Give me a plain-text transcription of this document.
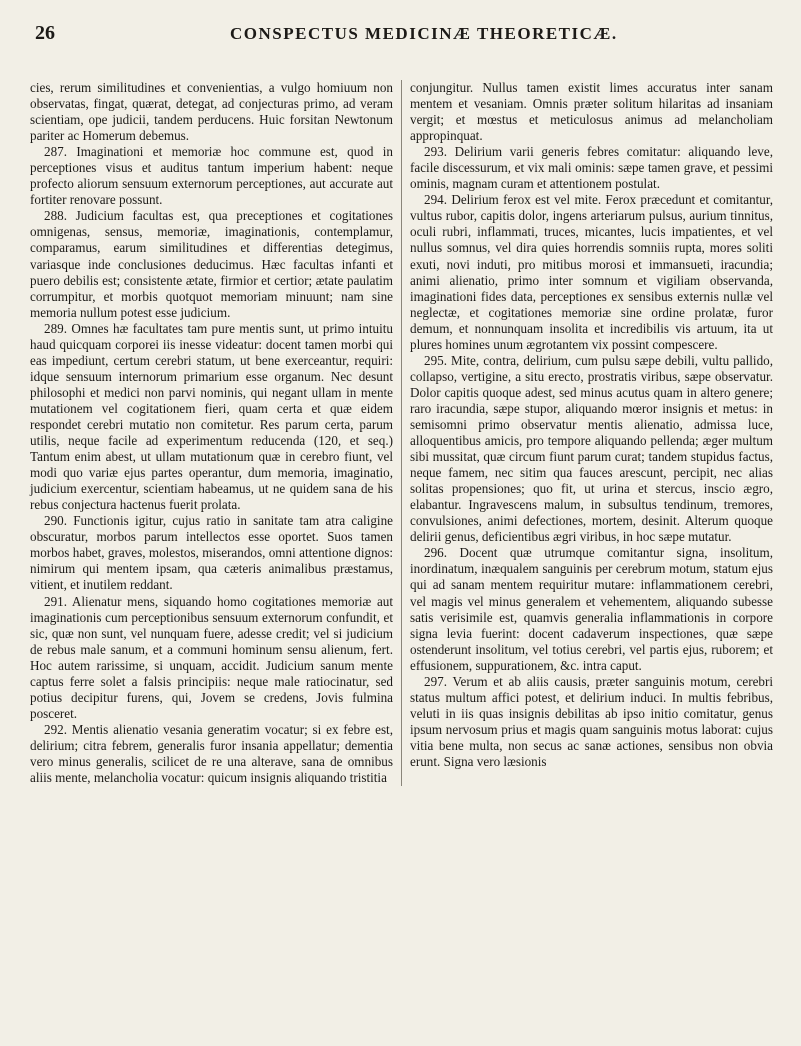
26	CONSPECTUS MEDICINÆ THEORETICÆ.

cies, rerum similitudines et convenientias, a vulgo homiuum non observatas, fingat, quærat, detegat, ad conjecturas primo, ad veram scientiam, ope judicii, tandem perducens. Huic forsitan Newtonum pariter ac Homerum debemus.

287. Imaginationi et memoriæ hoc commune est, quod in perceptiones visus et auditus tantum imperium habent: neque profecto aliorum sensuum externorum perceptiones, aut accurate aut fortiter renovare possunt.

288. Judicium facultas est, qua preceptiones et cogitationes omnigenas, sensus, memoriæ, imaginationis, contemplamur, comparamus, earum similitudines et differentias detegimus, variasque inde conclusiones deducimus. Hæc facultas infanti et puero debilis est; consistente ætate, firmior et certior; ætate paulatim corrumpitur, et morbis quotquot memoriam minuunt; nam sine memoria nullum potest esse judicium.

289. Omnes hæ facultates tam pure mentis sunt, ut primo intuitu haud quicquam corporei iis inesse videatur: docent tamen morbi qui eas impediunt, certum cerebri statum, ut bene exerceantur, requiri: idque sensuum internorum primarium esse organum. Nec desunt philosophi et medici non parvi nominis, qui negant ullam in mente mutationem vel cogitationem fieri, quam certa et quæ eidem respondet cerebri mutatio non comitetur. Res parum certa, parum utilis, neque facile ad experimentum reducenda (120, et seq.) Tantum enim abest, ut ullam mutationum quæ in cerebro fiunt, vel modi quo variæ ejus partes operantur, dum memoria, imaginatio, judicium exercentur, scientiam habeamus, ut ne quidem sana de his rebus conjectura hactenus fuerit prolata.

290. Functionis igitur, cujus ratio in sanitate tam atra caligine obscuratur, morbos parum intellectos esse oportet. Suos tamen morbos habet, graves, molestos, miserandos, omni attentione dignos: nimirum qui mentem ipsam, qua cæteris animalibus præstamus, vitient, et inutilem reddant.

291. Alienatur mens, siquando homo cogitationes memoriæ aut imaginationis cum perceptionibus sensuum externorum confundit, et sic, quæ non sunt, vel nunquam fuere, adesse credit; vel si judicium de rebus male sanum, et a communi hominum sensu alienum, fert. Hoc autem rarissime, si unquam, accidit. Judicium sanum mente captus ferre solet a falsis principiis: neque male ratiocinatur, sed potius decipitur furens, qui, Jovem se credens, Jovis fulmina posceret.

292. Mentis alienatio vesania generatim vocatur; si ex febre est, delirium; citra febrem, generalis furor insania appellatur; dementia vero minus generalis, scilicet de re una alterave, sana de omnibus aliis mente, melancholia vocatur: quicum insignis aliquando tristitia

conjungitur. Nullus tamen existit limes accuratus inter sanam mentem et vesaniam. Omnis præter solitum hilaritas ad insaniam vergit; et mœstus et meticulosus animus ad melancholiam appropinquat.

293. Delirium varii generis febres comitatur: aliquando leve, facile discessurum, et vix mali ominis: sæpe tamen grave, et pessimi ominis, magnam curam et attentionem postulat.

294. Delirium ferox est vel mite. Ferox præcedunt et comitantur, vultus rubor, capitis dolor, ingens arteriarum pulsus, aurium tinnitus, oculi rubri, inflammati, truces, micantes, lucis impatientes, et vel nullus somnus, vel dira quies horrendis somniis rupta, mores soliti exuti, novi induti, pro mitibus morosi et immansueti, iracundia; animi alienatio, primo inter somnum et vigiliam observanda, imaginationi fides data, perceptiones ex sensibus externis nullæ vel neglectæ, et cogitationes memoriæ sine ordine prolatæ, furor demum, et nonnunquam insolita et incredibilis vis artuum, ita ut plures homines unum ægrotantem vix possint compescere.

295. Mite, contra, delirium, cum pulsu sæpe debili, vultu pallido, collapso, vertigine, a situ erecto, prostratis viribus, sæpe observatur. Dolor capitis quoque adest, sed minus acutus quam in altero genere; raro iracundia, sæpe stupor, aliquando mœror insignis et metus: in semisomni primo observatur mentis alienatio, admissa luce, alloquentibus amicis, pro tempore aliquando pellenda; æger multum sibi mussitat, quæ circum fiunt parum curat; tandem stupidus factus, neque famem, nec sitim qua fauces arescunt, percipit, nec alias solitas propensiones; quo fit, ut urina et stercus, inscio ægro, elabantur. Ingravescens malum, in subsultus tendinum, tremores, convulsiones, animi defectiones, mortem, desinit. Alterum quoque delirii genus, deficientibus ægri viribus, in hoc sæpe mutatur.

296. Docent quæ utrumque comitantur signa, insolitum, inordinatum, inæqualem sanguinis per cerebrum motum, statum ejus qui ad sanam mentem requiritur mutare: inflammationem cerebri, vel magis vel minus generalem et vehementem, aliquando subesse satis verisimile est, quamvis generalia inflammationis in corpore signa levia fuerint: docent cadaverum inspectiones, quæ sæpe ostenderunt insolitum, vel totius cerebri, vel partis ejus, ruborem; et effusionem, suppurationem, &c. intra caput.

297. Verum et ab aliis causis, præter sanguinis motum, cerebri status multum affici potest, et delirium induci. In multis febribus, veluti in iis quas insignis debilitas ab ipso initio comitatur, genus ipsum nervosum prius et magis quam sanguinis motus laborat: cujus vitia bene multa, non secus ac sanæ actiones, sensibus non obvia erunt. Signa vero læsionis
